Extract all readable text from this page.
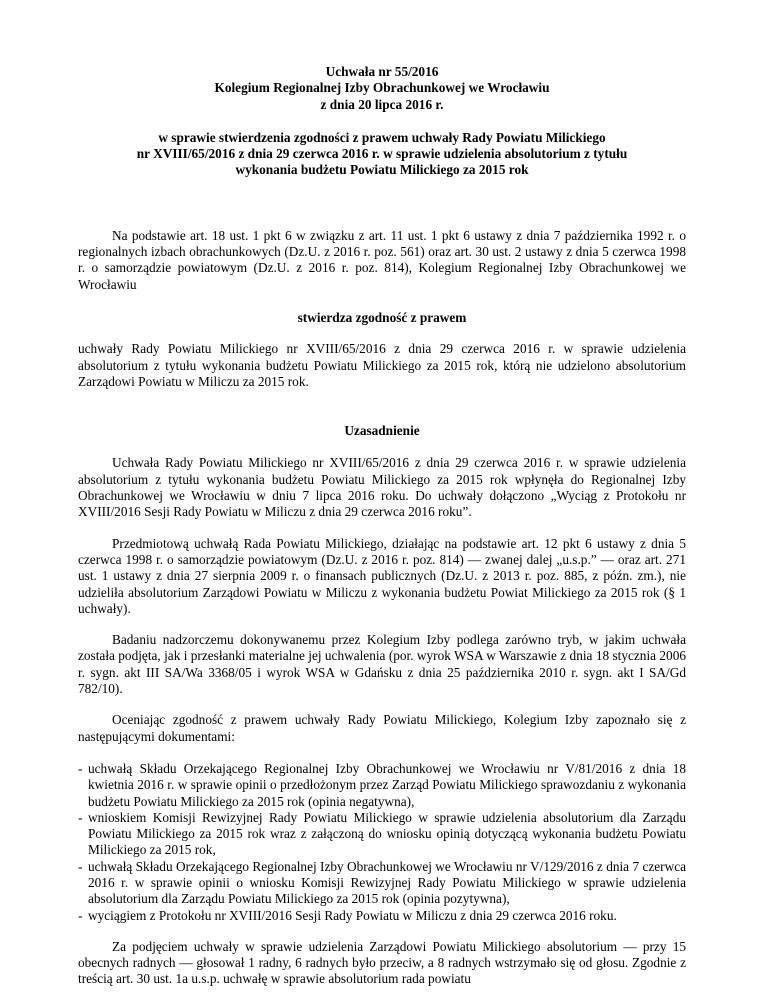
Uchwała nr 55/2016
Kolegium Regionalnej Izby Obrachunkowej we Wrocławiu
z dnia 20 lipca 2016 r.
w sprawie stwierdzenia zgodności z prawem uchwały Rady Powiatu Milickiego
nr XVIII/65/2016 z dnia 29 czerwca 2016 r. w sprawie udzielenia absolutorium z tytułu
wykonania budżetu Powiatu Milickiego za 2015 rok

Na podstawie art. 18 ust. 1 pkt 6 w związku z art. 11 ust. 1 pkt 6 ustawy z dnia 7 października 1992 r. o regionalnych izbach obrachunkowych (Dz.U. z 2016 r. poz. 561) oraz art. 30 ust. 2 ustawy z dnia 5 czerwca 1998 r. o samorządzie powiatowym (Dz.U. z 2016 r. poz. 814), Kolegium Regionalnej Izby Obrachunkowej we Wrocławiu

stwierdza zgodność z prawem

uchwały Rady Powiatu Milickiego nr XVIII/65/2016 z dnia 29 czerwca 2016 r. w sprawie udzielenia absolutorium z tytułu wykonania budżetu Powiatu Milickiego za 2015 rok, którą nie udzielono absolutorium Zarządowi Powiatu w Miliczu za 2015 rok.

Uzasadnienie

Uchwała Rady Powiatu Milickiego nr XVIII/65/2016 z dnia 29 czerwca 2016 r. w sprawie udzielenia absolutorium z tytułu wykonania budżetu Powiatu Milickiego za 2015 rok wpłynęła do Regionalnej Izby Obrachunkowej we Wrocławiu w dniu 7 lipca 2016 roku. Do uchwały dołączono „Wyciąg z Protokołu nr XVIII/2016 Sesji Rady Powiatu w Miliczu z dnia 29 czerwca 2016 roku”.

Przedmiotową uchwałą Rada Powiatu Milickiego, działając na podstawie art. 12 pkt 6 ustawy z dnia 5 czerwca 1998 r. o samorządzie powiatowym (Dz.U. z 2016 r. poz. 814) — zwanej dalej „u.s.p.” — oraz art. 271 ust. 1 ustawy z dnia 27 sierpnia 2009 r. o finansach publicznych (Dz.U. z 2013 r. poz. 885, z późn. zm.), nie udzieliła absolutorium Zarządowi Powiatu w Miliczu z wykonania budżetu Powiat Milickiego za 2015 rok (§ 1 uchwały).

Badaniu nadzorczemu dokonywanemu przez Kolegium Izby podlega zarówno tryb, w jakim uchwała została podjęta, jak i przesłanki materialne jej uchwalenia (por. wyrok WSA w Warszawie z dnia 18 stycznia 2006 r. sygn. akt III SA/Wa 3368/05 i wyrok WSA w Gdańsku z dnia 25 października 2010 r. sygn. akt I SA/Gd 782/10).

Oceniając zgodność z prawem uchwały Rady Powiatu Milickiego, Kolegium Izby zapoznało się z następującymi dokumentami:

- uchwałą Składu Orzekającego Regionalnej Izby Obrachunkowej we Wrocławiu nr V/81/2016 z dnia 18 kwietnia 2016 r. w sprawie opinii o przedłożonym przez Zarząd Powiatu Milickiego sprawozdaniu z wykonania budżetu Powiatu Milickiego za 2015 rok (opinia negatywna),
- wnioskiem Komisji Rewizyjnej Rady Powiatu Milickiego w sprawie udzielenia absolutorium dla Zarządu Powiatu Milickiego za 2015 rok wraz z załączoną do wniosku opinią dotyczącą wykonania budżetu Powiatu Milickiego za 2015 rok,
- uchwałą Składu Orzekającego Regionalnej Izby Obrachunkowej we Wrocławiu nr V/129/2016 z dnia 7 czerwca 2016 r. w sprawie opinii o wniosku Komisji Rewizyjnej Rady Powiatu Milickiego w sprawie udzielenia absolutorium dla Zarządu Powiatu Milickiego za 2015 rok (opinia pozytywna),
- wyciągiem z Protokołu nr XVIII/2016 Sesji Rady Powiatu w Miliczu z dnia 29 czerwca 2016 roku.

Za podjęciem uchwały w sprawie udzielenia Zarządowi Powiatu Milickiego absolutorium — przy 15 obecnych radnych — głosował 1 radny, 6 radnych było przeciw, a 8 radnych wstrzymało się od głosu. Zgodnie z treścią art. 30 ust. 1a u.s.p. uchwałę w sprawie absolutorium rada powiatu
